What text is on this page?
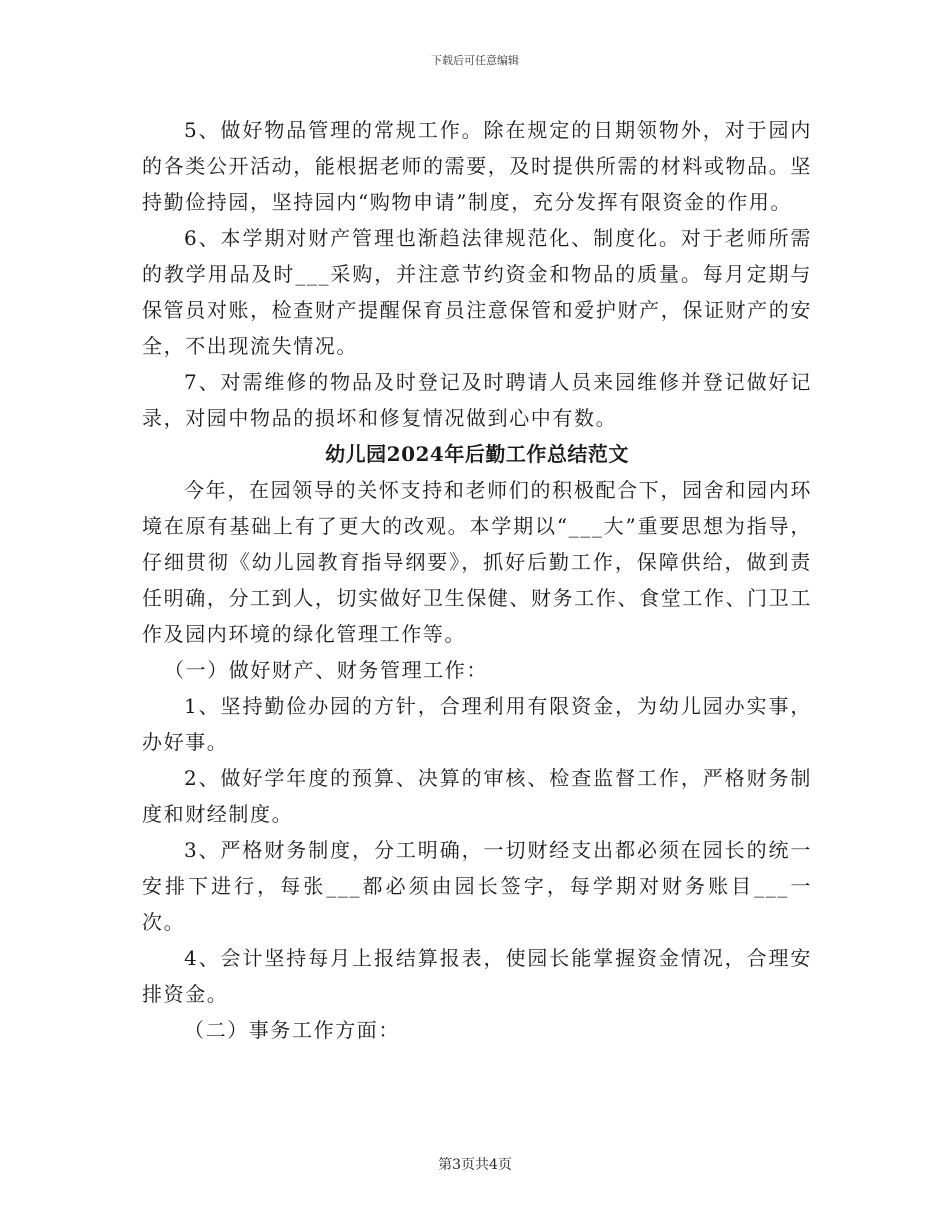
下载后可任意编辑

5、做好物品管理的常规工作。除在规定的日期领物外，对于园内的各类公开活动，能根据老师的需要，及时提供所需的材料或物品。坚持勤俭持园，坚持园内“购物申请”制度，充分发挥有限资金的作用。

6、本学期对财产管理也渐趋法律规范化、制度化。对于老师所需的教学用品及时___采购，并注意节约资金和物品的质量。每月定期与保管员对账，检查财产提醒保育员注意保管和爱护财产，保证财产的安全，不出现流失情况。

7、对需维修的物品及时登记及时聘请人员来园维修并登记做好记录，对园中物品的损坏和修复情况做到心中有数。

幼儿园2024年后勤工作总结范文

今年，在园领导的关怀支持和老师们的积极配合下，园舍和园内环境在原有基础上有了更大的改观。本学期以“___大”重要思想为指导，仔细贯彻《幼儿园教育指导纲要》，抓好后勤工作，保障供给，做到责任明确，分工到人，切实做好卫生保健、财务工作、食堂工作、门卫工作及园内环境的绿化管理工作等。

（一）做好财产、财务管理工作：

1、坚持勤俭办园的方针，合理利用有限资金，为幼儿园办实事，办好事。

2、做好学年度的预算、决算的审核、检查监督工作，严格财务制度和财经制度。

3、严格财务制度，分工明确，一切财经支出都必须在园长的统一安排下进行，每张___都必须由园长签字，每学期对财务账目___一次。

4、会计坚持每月上报结算报表，使园长能掌握资金情况，合理安排资金。

（二）事务工作方面：

第3页共4页
